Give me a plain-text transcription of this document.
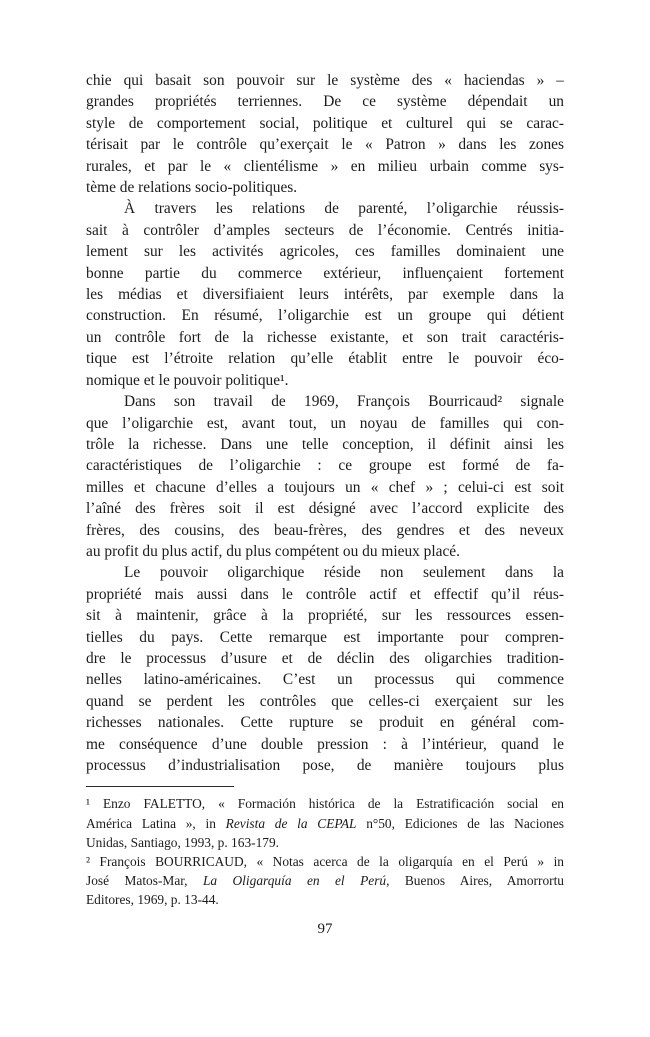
chie qui basait son pouvoir sur le système des « haciendas » –
grandes propriétés terriennes. De ce système dépendait un
style de comportement social, politique et culturel qui se carac-
térisait par le contrôle qu’exerçait le « Patron » dans les zones
rurales, et par le « clientélisme » en milieu urbain comme sys-
tème de relations socio-politiques.
À travers les relations de parenté, l’oligarchie réussis-
sait à contrôler d’amples secteurs de l’économie. Centrés initia-
lement sur les activités agricoles, ces familles dominaient une
bonne partie du commerce extérieur, influençaient fortement
les médias et diversifiaient leurs intérêts, par exemple dans la
construction. En résumé, l’oligarchie est un groupe qui détient
un contrôle fort de la richesse existante, et son trait caractéris-
tique est l’étroite relation qu’elle établit entre le pouvoir éco-
nomique et le pouvoir politique¹.
Dans son travail de 1969, François Bourricaud² signale
que l’oligarchie est, avant tout, un noyau de familles qui con-
trôle la richesse. Dans une telle conception, il définit ainsi les
caractéristiques de l’oligarchie : ce groupe est formé de fa-
milles et chacune d’elles a toujours un « chef » ; celui-ci est soit
l’aîné des frères soit il est désigné avec l’accord explicite des
frères, des cousins, des beau-frères, des gendres et des neveux
au profit du plus actif, du plus compétent ou du mieux placé.
Le pouvoir oligarchique réside non seulement dans la
propriété mais aussi dans le contrôle actif et effectif qu’il réus-
sit à maintenir, grâce à la propriété, sur les ressources essen-
tielles du pays. Cette remarque est importante pour compren-
dre le processus d’usure et de déclin des oligarchies tradition-
nelles latino-américaines. C’est un processus qui commence
quand se perdent les contrôles que celles-ci exerçaient sur les
richesses nationales. Cette rupture se produit en général com-
me conséquence d’une double pression : à l’intérieur, quand le
processus d’industrialisation pose, de manière toujours plus
¹ Enzo FALETTO, « Formación histórica de la Estratificación social en
América Latina », in Revista de la CEPAL n°50, Ediciones de las Naciones
Unidas, Santiago, 1993, p. 163-179.
² François BOURRICAUD, « Notas acerca de la oligarquía en el Perú » in
José Matos-Mar, La Oligarquía en el Perú, Buenos Aires, Amorrortu
Editores, 1969, p. 13-44.
97
